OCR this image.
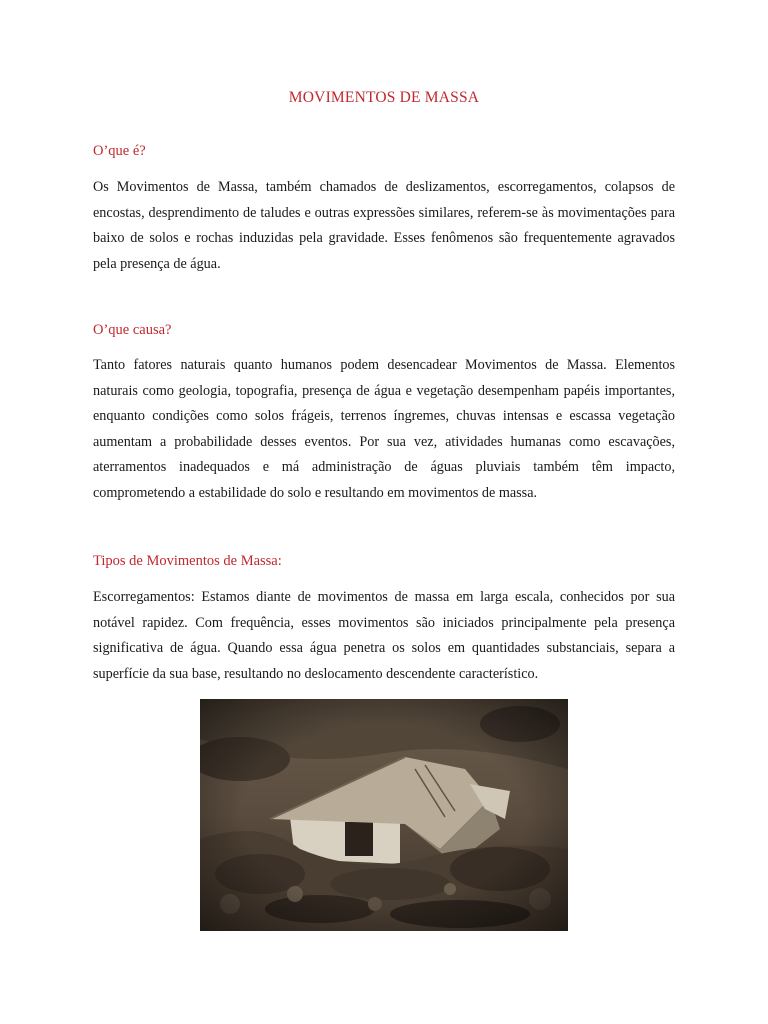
MOVIMENTOS DE MASSA
O’que é?

Os Movimentos de Massa, também chamados de deslizamentos, escorregamentos, colapsos de encostas, desprendimento de taludes e outras expressões similares, referem-se às movimentações para baixo de solos e rochas induzidas pela gravidade. Esses fenômenos são frequentemente agravados pela presença de água.

O’que causa?

Tanto fatores naturais quanto humanos podem desencadear Movimentos de Massa. Elementos naturais como geologia, topografia, presença de água e vegetação desempenham papéis importantes, enquanto condições como solos frágeis, terrenos íngremes, chuvas intensas e escassa vegetação aumentam a probabilidade desses eventos. Por sua vez, atividades humanas como escavações, aterramentos inadequados e má administração de águas pluviais também têm impacto, comprometendo a estabilidade do solo e resultando em movimentos de massa.

Tipos de Movimentos de Massa:

Escorregamentos: Estamos diante de movimentos de massa em larga escala, conhecidos por sua notável rapidez. Com frequência, esses movimentos são iniciados principalmente pela presença significativa de água. Quando essa água penetra os solos em quantidades substanciais, separa a superfície da sua base, resultando no deslocamento descendente característico.
